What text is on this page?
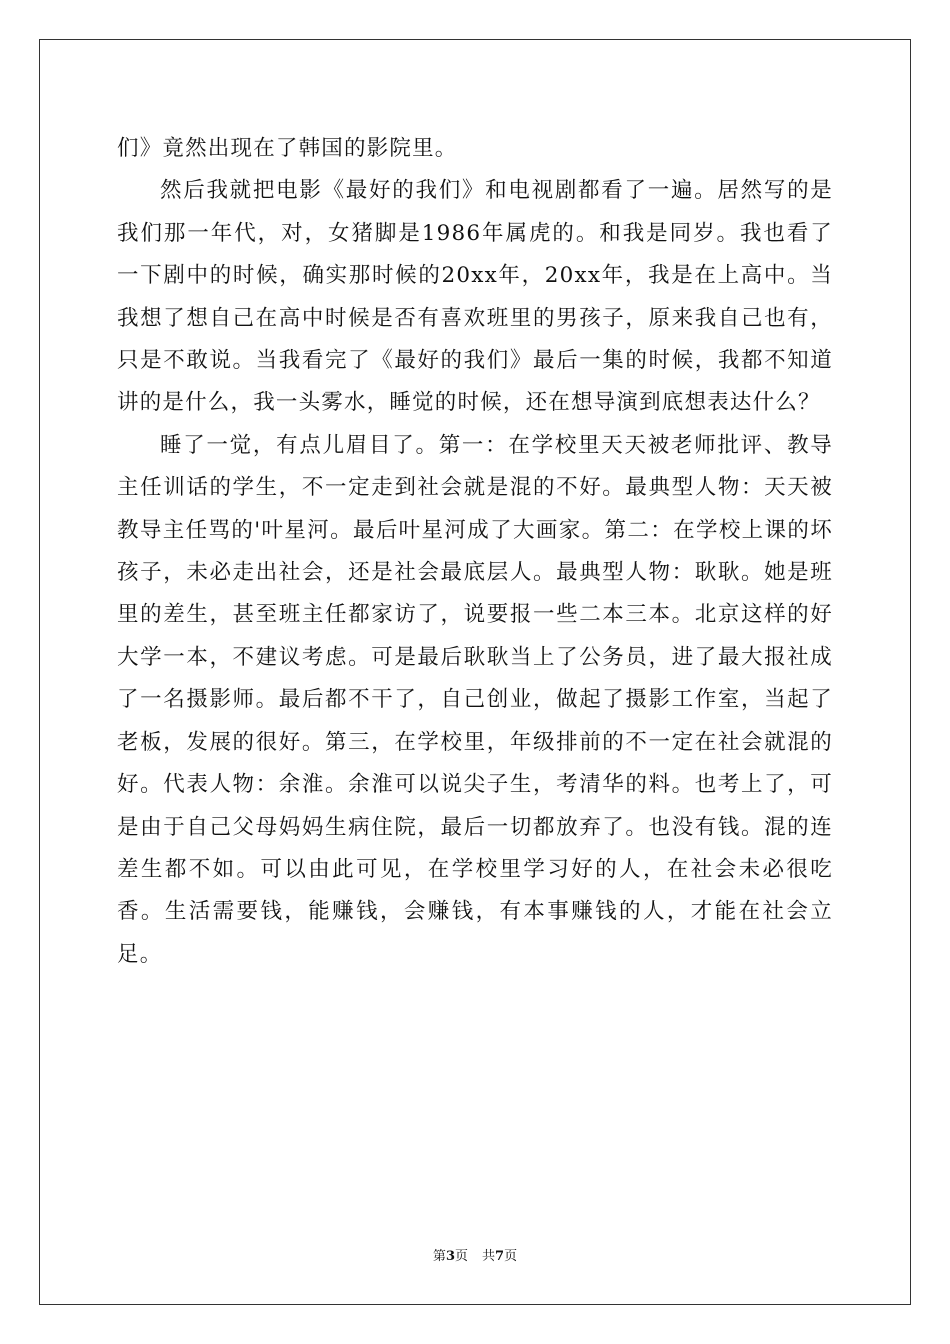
们》竟然出现在了韩国的影院里。

然后我就把电影《最好的我们》和电视剧都看了一遍。居然写的是我们那一年代，对，女猪脚是1986年属虎的。和我是同岁。我也看了一下剧中的时候，确实那时候的20xx年，20xx年，我是在上高中。当我想了想自己在高中时候是否有喜欢班里的男孩子，原来我自己也有，只是不敢说。当我看完了《最好的我们》最后一集的时候，我都不知道讲的是什么，我一头雾水，睡觉的时候，还在想导演到底想表达什么？

睡了一觉，有点儿眉目了。第一：在学校里天天被老师批评、教导主任训话的学生，不一定走到社会就是混的不好。最典型人物：天天被教导主任骂的'叶星河。最后叶星河成了大画家。第二：在学校上课的坏孩子，未必走出社会，还是社会最底层人。最典型人物：耿耿。她是班里的差生，甚至班主任都家访了，说要报一些二本三本。北京这样的好大学一本，不建议考虑。可是最后耿耿当上了公务员，进了最大报社成了一名摄影师。最后都不干了，自己创业，做起了摄影工作室，当起了老板，发展的很好。第三，在学校里，年级排前的不一定在社会就混的好。代表人物：余淮。余淮可以说尖子生，考清华的料。也考上了，可是由于自己父母妈妈生病住院，最后一切都放弃了。也没有钱。混的连差生都不如。可以由此可见，在学校里学习好的人，在社会未必很吃香。生活需要钱，能赚钱，会赚钱，有本事赚钱的人，才能在社会立足。

第3页 共7页
